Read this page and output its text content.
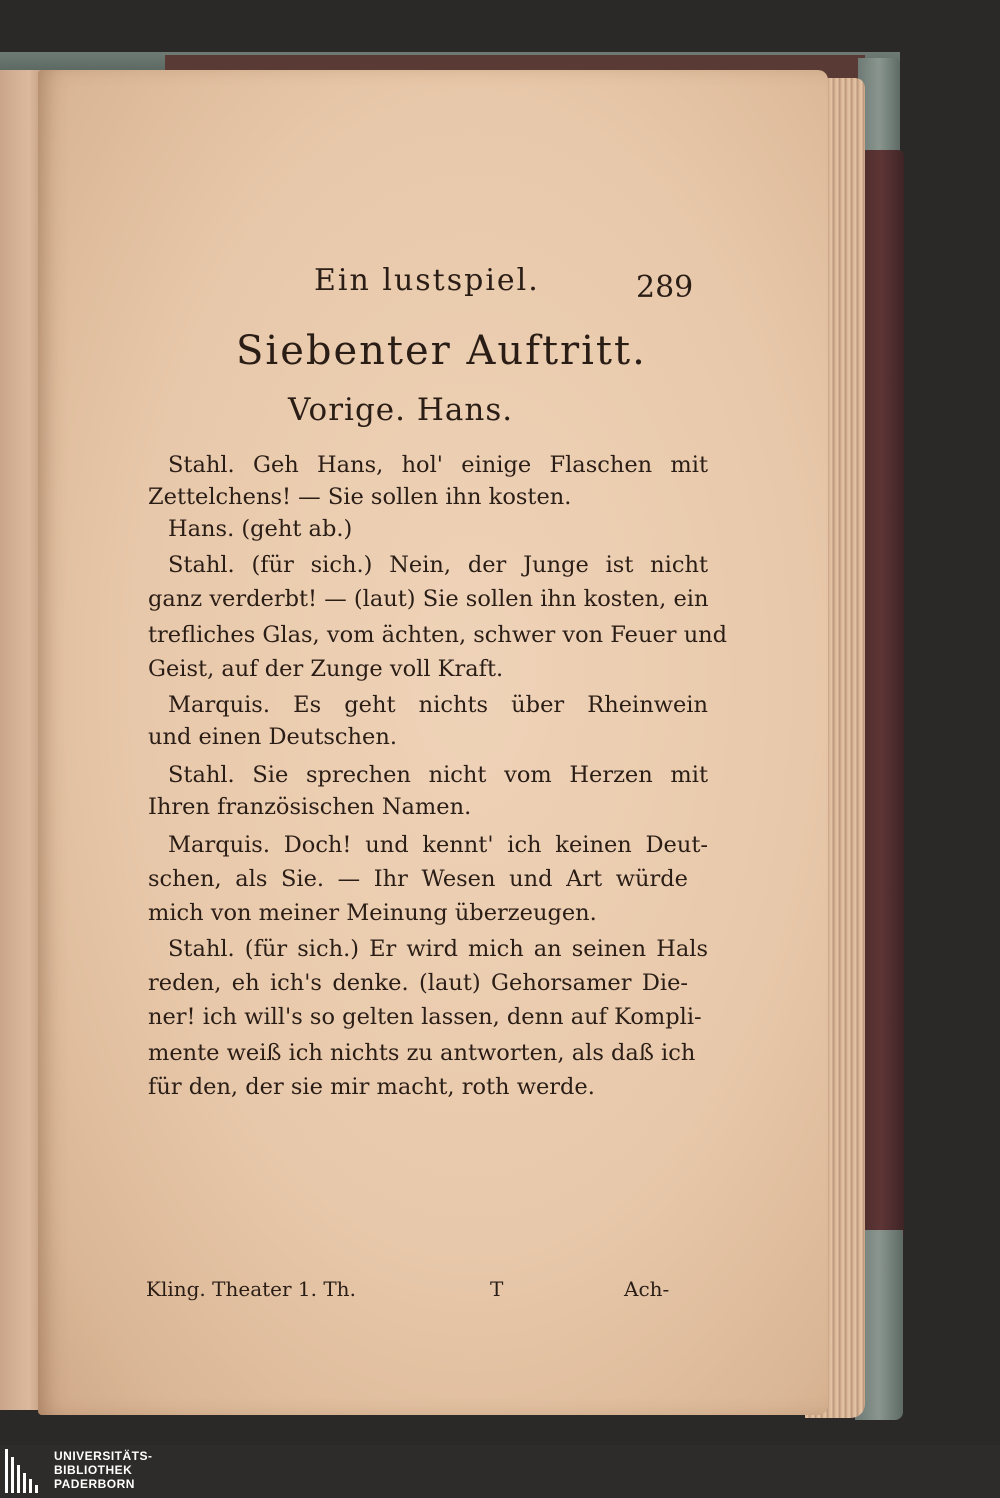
Ein lustspiel.	289
Siebenter Auftritt.
Vorige. Hans.
Stahl. Geh Hans, hol' einige Flaschen mit
Zettelchens! — Sie sollen ihn kosten.
Hans. (geht ab.)
Stahl. (für sich.) Nein, der Junge ist nicht
ganz verderbt! — (laut) Sie sollen ihn kosten, ein
trefliches Glas, vom ächten, schwer von Feuer und
Geist, auf der Zunge voll Kraft.
Marquis. Es geht nichts über Rheinwein
und einen Deutschen.
Stahl. Sie sprechen nicht vom Herzen mit
Ihren französischen Namen.
Marquis. Doch! und kennt' ich keinen Deut-
schen, als Sie. — Ihr Wesen und Art würde
mich von meiner Meinung überzeugen.
Stahl. (für sich.) Er wird mich an seinen Hals
reden, eh ich's denke. (laut) Gehorsamer Die-
ner! ich will's so gelten lassen, denn auf Kompli-
mente weiß ich nichts zu antworten, als daß ich
für den, der sie mir macht, roth werde.
Kling. Theater 1. Th.	T	Ach-
UNIVERSITÄTS-
BIBLIOTHEK
PADERBORN
